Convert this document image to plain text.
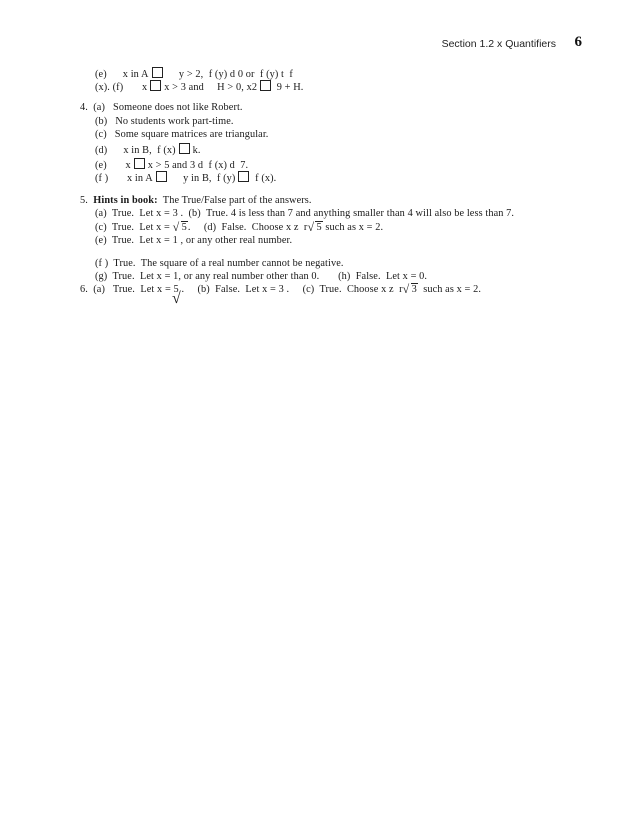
Section 1.2 x Quantifiers 6
(e)      x in A     y > 2,  f (y) d 0 or  f (y) t  f
(x). (f)       x x > 3 and     H > 0, x2 9 + H.
4.  (a)   Someone does not like Robert.
(b)   No students work part-time.
(c)   Some square matrices are triangular.
(d)      x in B,  f (x) k.
(e)       x x > 5 and 3 d  f (x) d  7.
(f )       x in A     y in B,  f (y) f (x).
5.  Hints in book:  The True/False part of the answers.
(a)  True.  Let x = 3 .  (b)  True. 4 is less than 7 and anything smaller than 4 will also be less than 7.
(c)  True.  Let x = √ 5.     (d)  False.  Choose x z  r √ 5 such as x = 2.
(e)  True.  Let x = 1 , or any other real number.
(f )  True.  The square of a real number cannot be negative.
(g)  True.  Let x = 1, or any real number other than 0.       (h)  False.  Let x = 0.
6.  (a)   True.  Let x = 5 .     (b)  False.  Let x = 3 .     (c)  True.  Choose x z  r √ 3  such as x = 2.
√
